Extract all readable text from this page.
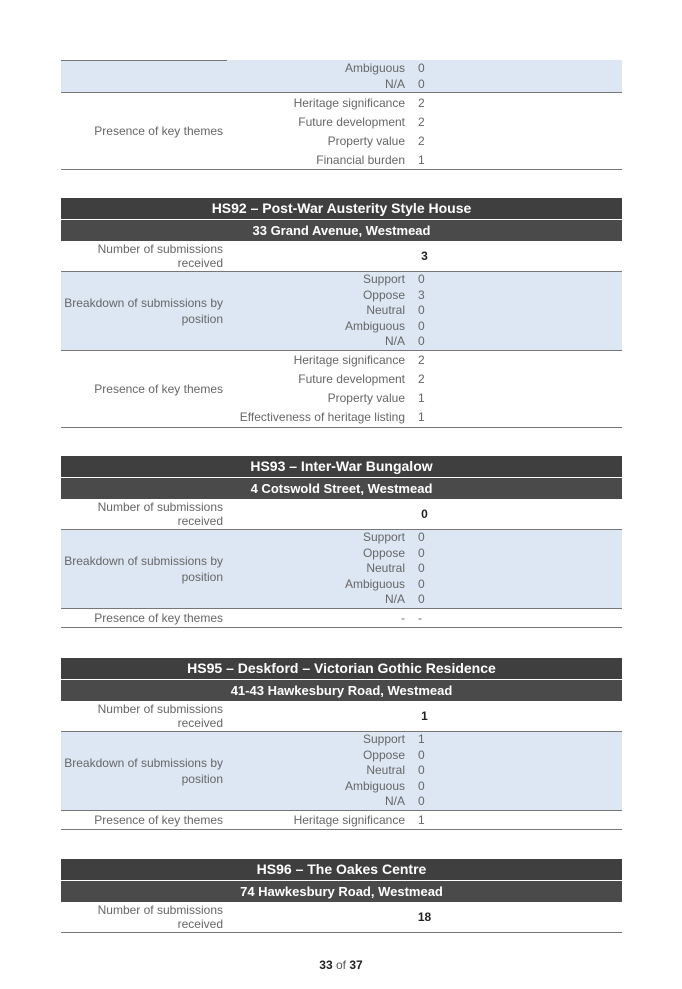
Ambiguous	0
N/A	0
Presence of key themes
Heritage significance	2
Future development	2
Property value	2
Financial burden	1
HS92 – Post-War Austerity Style House
33 Grand Avenue, Westmead
Number of submissions received	3
Breakdown of submissions by position
Support	0
Oppose	3
Neutral	0
Ambiguous	0
N/A	0
Presence of key themes
Heritage significance	2
Future development	2
Property value	1
Effectiveness of heritage listing	1
HS93 – Inter-War Bungalow
4 Cotswold Street, Westmead
Number of submissions received	0
Breakdown of submissions by position
Support	0
Oppose	0
Neutral	0
Ambiguous	0
N/A	0
Presence of key themes	-	-
HS95 – Deskford – Victorian Gothic Residence
41-43 Hawkesbury Road, Westmead
Number of submissions received	1
Breakdown of submissions by position
Support	1
Oppose	0
Neutral	0
Ambiguous	0
N/A	0
Presence of key themes	Heritage significance	1
HS96 – The Oakes Centre
74 Hawkesbury Road, Westmead
Number of submissions received	18
33 of 37
